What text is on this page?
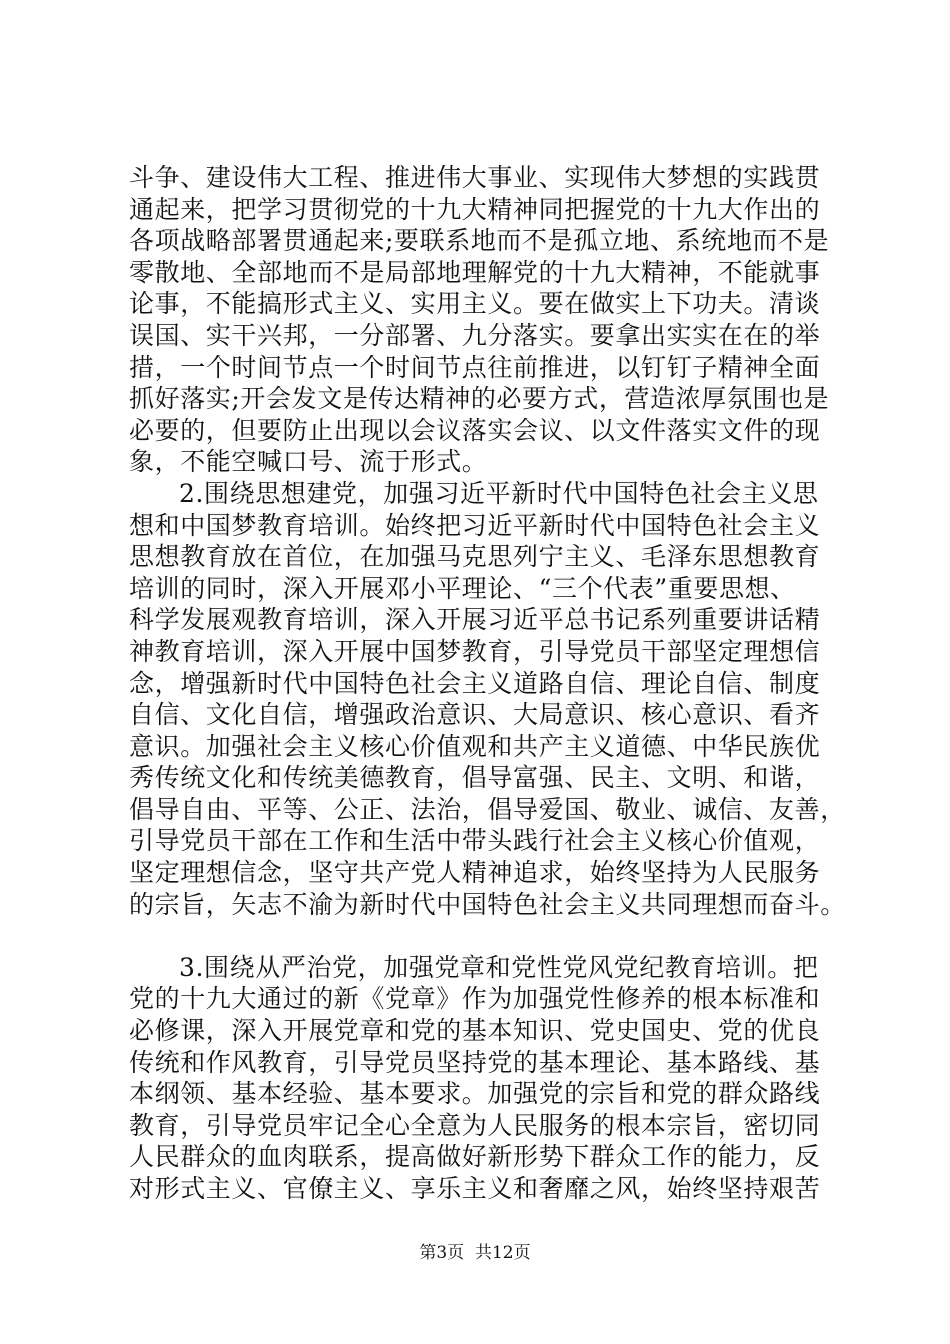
斗争、建设伟大工程、推进伟大事业、实现伟大梦想的实践贯
通起来，把学习贯彻党的十九大精神同把握党的十九大作出的
各项战略部署贯通起来;要联系地而不是孤立地、系统地而不是
零散地、全部地而不是局部地理解党的十九大精神，不能就事
论事，不能搞形式主义、实用主义。要在做实上下功夫。清谈
误国、实干兴邦，一分部署、九分落实。要拿出实实在在的举
措，一个时间节点一个时间节点往前推进，以钉钉子精神全面
抓好落实;开会发文是传达精神的必要方式，营造浓厚氛围也是
必要的，但要防止出现以会议落实会议、以文件落实文件的现
象，不能空喊口号、流于形式。
2.围绕思想建党，加强习近平新时代中国特色社会主义思
想和中国梦教育培训。始终把习近平新时代中国特色社会主义
思想教育放在首位，在加强马克思列宁主义、毛泽东思想教育
培训的同时，深入开展邓小平理论、“三个代表”重要思想、
科学发展观教育培训，深入开展习近平总书记系列重要讲话精
神教育培训，深入开展中国梦教育，引导党员干部坚定理想信
念，增强新时代中国特色社会主义道路自信、理论自信、制度
自信、文化自信，增强政治意识、大局意识、核心意识、看齐
意识。加强社会主义核心价值观和共产主义道德、中华民族优
秀传统文化和传统美德教育，倡导富强、民主、文明、和谐，
倡导自由、平等、公正、法治，倡导爱国、敬业、诚信、友善，
引导党员干部在工作和生活中带头践行社会主义核心价值观，
坚定理想信念，坚守共产党人精神追求，始终坚持为人民服务
的宗旨，矢志不渝为新时代中国特色社会主义共同理想而奋斗。
3.围绕从严治党，加强党章和党性党风党纪教育培训。把
党的十九大通过的新《党章》作为加强党性修养的根本标准和
必修课，深入开展党章和党的基本知识、党史国史、党的优良
传统和作风教育，引导党员坚持党的基本理论、基本路线、基
本纲领、基本经验、基本要求。加强党的宗旨和党的群众路线
教育，引导党员牢记全心全意为人民服务的根本宗旨，密切同
人民群众的血肉联系，提高做好新形势下群众工作的能力，反
对形式主义、官僚主义、享乐主义和奢靡之风，始终坚持艰苦
第3页  共12页
